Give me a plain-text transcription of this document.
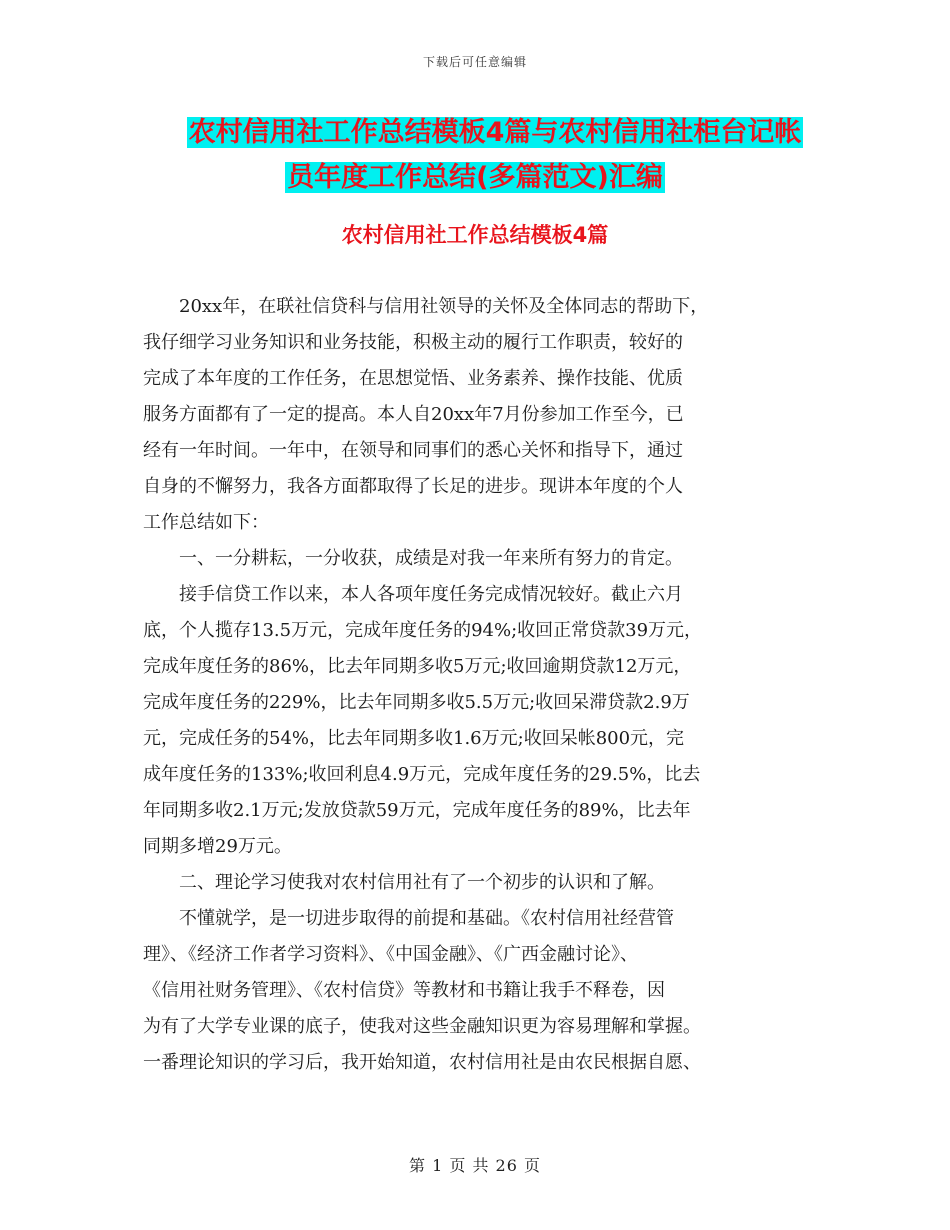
下载后可任意编辑
农村信用社工作总结模板4篇与农村信用社柜台记帐
员年度工作总结(多篇范文)汇编
农村信用社工作总结模板4篇
　　20xx年，在联社信贷科与信用社领导的关怀及全体同志的帮助下，
我仔细学习业务知识和业务技能，积极主动的履行工作职责，较好的
完成了本年度的工作任务，在思想觉悟、业务素养、操作技能、优质
服务方面都有了一定的提高。本人自20xx年7月份参加工作至今，已
经有一年时间。一年中，在领导和同事们的悉心关怀和指导下，通过
自身的不懈努力，我各方面都取得了长足的进步。现讲本年度的个人
工作总结如下：
　　一、一分耕耘，一分收获，成绩是对我一年来所有努力的肯定。
　　接手信贷工作以来，本人各项年度任务完成情况较好。截止六月
底，个人揽存13.5万元，完成年度任务的94%;收回正常贷款39万元，
完成年度任务的86%，比去年同期多收5万元;收回逾期贷款12万元，
完成年度任务的229%，比去年同期多收5.5万元;收回呆滞贷款2.9万
元，完成任务的54%，比去年同期多收1.6万元;收回呆帐800元，完
成年度任务的133%;收回利息4.9万元，完成年度任务的29.5%，比去
年同期多收2.1万元;发放贷款59万元，完成年度任务的89%，比去年
同期多增29万元。
　　二、理论学习使我对农村信用社有了一个初步的认识和了解。
　　不懂就学，是一切进步取得的前提和基础。《农村信用社经营管
理》、《经济工作者学习资料》、《中国金融》、《广西金融讨论》、
《信用社财务管理》、《农村信贷》等教材和书籍让我手不释卷，因
为有了大学专业课的底子，使我对这些金融知识更为容易理解和掌握。
一番理论知识的学习后，我开始知道，农村信用社是由农民根据自愿、
第 1 页 共 26 页
